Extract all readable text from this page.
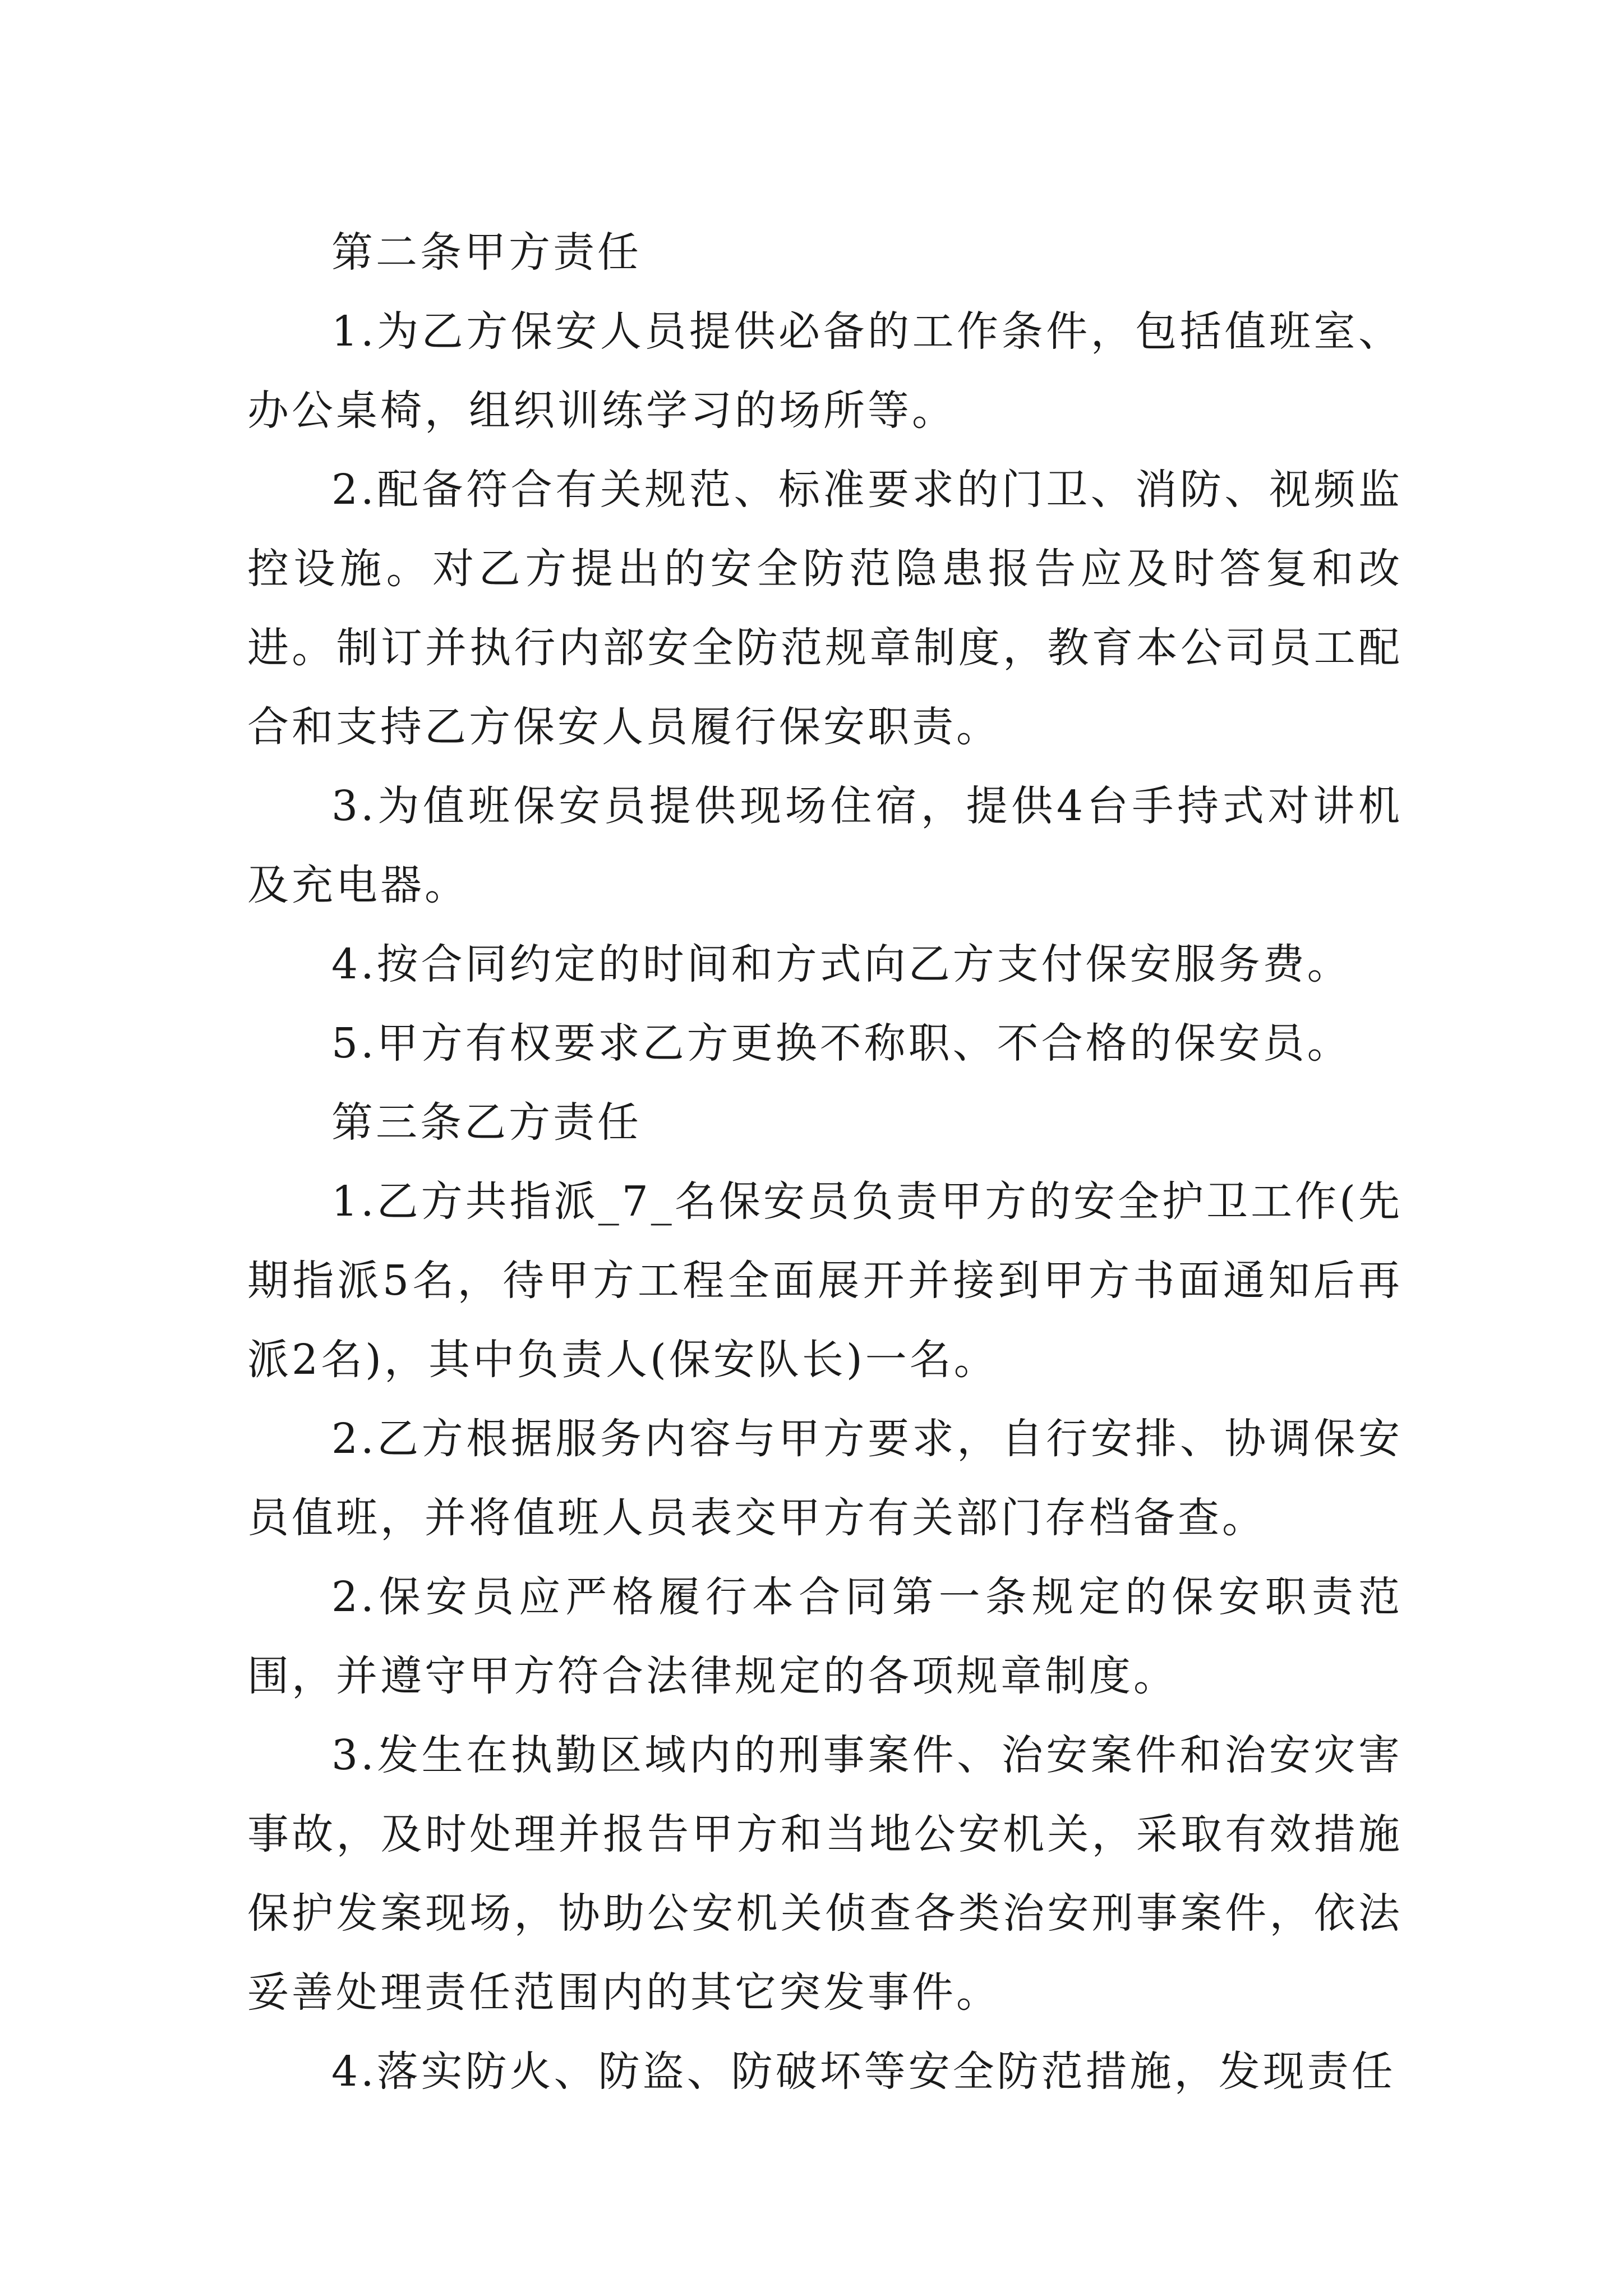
第二条甲方责任

1.为乙方保安人员提供必备的工作条件，包括值班室、办公桌椅，组织训练学习的场所等。

2.配备符合有关规范、标准要求的门卫、消防、视频监控设施。对乙方提出的安全防范隐患报告应及时答复和改进。制订并执行内部安全防范规章制度，教育本公司员工配合和支持乙方保安人员履行保安职责。

3.为值班保安员提供现场住宿，提供4台手持式对讲机及充电器。

4.按合同约定的时间和方式向乙方支付保安服务费。

5.甲方有权要求乙方更换不称职、不合格的保安员。

第三条乙方责任

1.乙方共指派_7_名保安员负责甲方的安全护卫工作(先期指派5名，待甲方工程全面展开并接到甲方书面通知后再派2名)，其中负责人(保安队长)一名。

2.乙方根据服务内容与甲方要求，自行安排、协调保安员值班，并将值班人员表交甲方有关部门存档备查。

2.保安员应严格履行本合同第一条规定的保安职责范围，并遵守甲方符合法律规定的各项规章制度。

3.发生在执勤区域内的刑事案件、治安案件和治安灾害事故，及时处理并报告甲方和当地公安机关，采取有效措施保护发案现场，协助公安机关侦查各类治安刑事案件，依法妥善处理责任范围内的其它突发事件。

4.落实防火、防盗、防破坏等安全防范措施，发现责任
